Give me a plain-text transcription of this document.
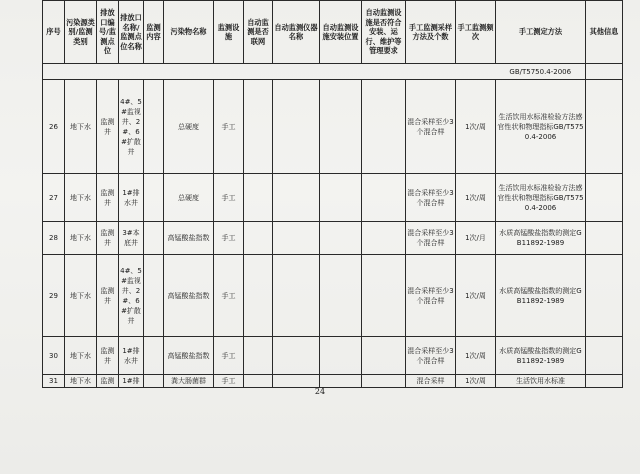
序号	污染源类别/监测类别	排放口编号/监测点位	排放口名称/监测点位名称	监测内容	污染物名称	监测设施	自动监测是否联网	自动监测仪器名称	自动监测设施安装位置	自动监测设施是否符合安装、运行、维护等管理要求	手工监测采样方法及个数	手工监测频次	手工测定方法	其他信息
													GB/T5750.4-2006	
26	地下水	监测井	4#、5#监视井、2#、6#扩散井		总硬度	手工					混合采样至少3个混合样	1次/周	生活饮用水标准检验方法感官性状和物理指标GB/T5750.4-2006	
27	地下水	监测井	1#排水井		总硬度	手工					混合采样至少3个混合样	1次/周	生活饮用水标准检验方法感官性状和物理指标GB/T5750.4-2006	
28	地下水	监测井	3#本底井		高锰酸盐指数	手工					混合采样至少3个混合样	1次/月	水质高锰酸盐指数的测定GB11892-1989	
29	地下水	监测井	4#、5#监视井、2#、6#扩散井		高锰酸盐指数	手工					混合采样至少3个混合样	1次/周	水质高锰酸盐指数的测定GB11892-1989	
30	地下水	监测井	1#排水井		高锰酸盐指数	手工					混合采样至少3个混合样	1次/周	水质高锰酸盐指数的测定GB11892-1989	
31	地下水	监测	1#排		粪大肠菌群	手工					混合采样	1次/周	生活饮用水标准	
24
